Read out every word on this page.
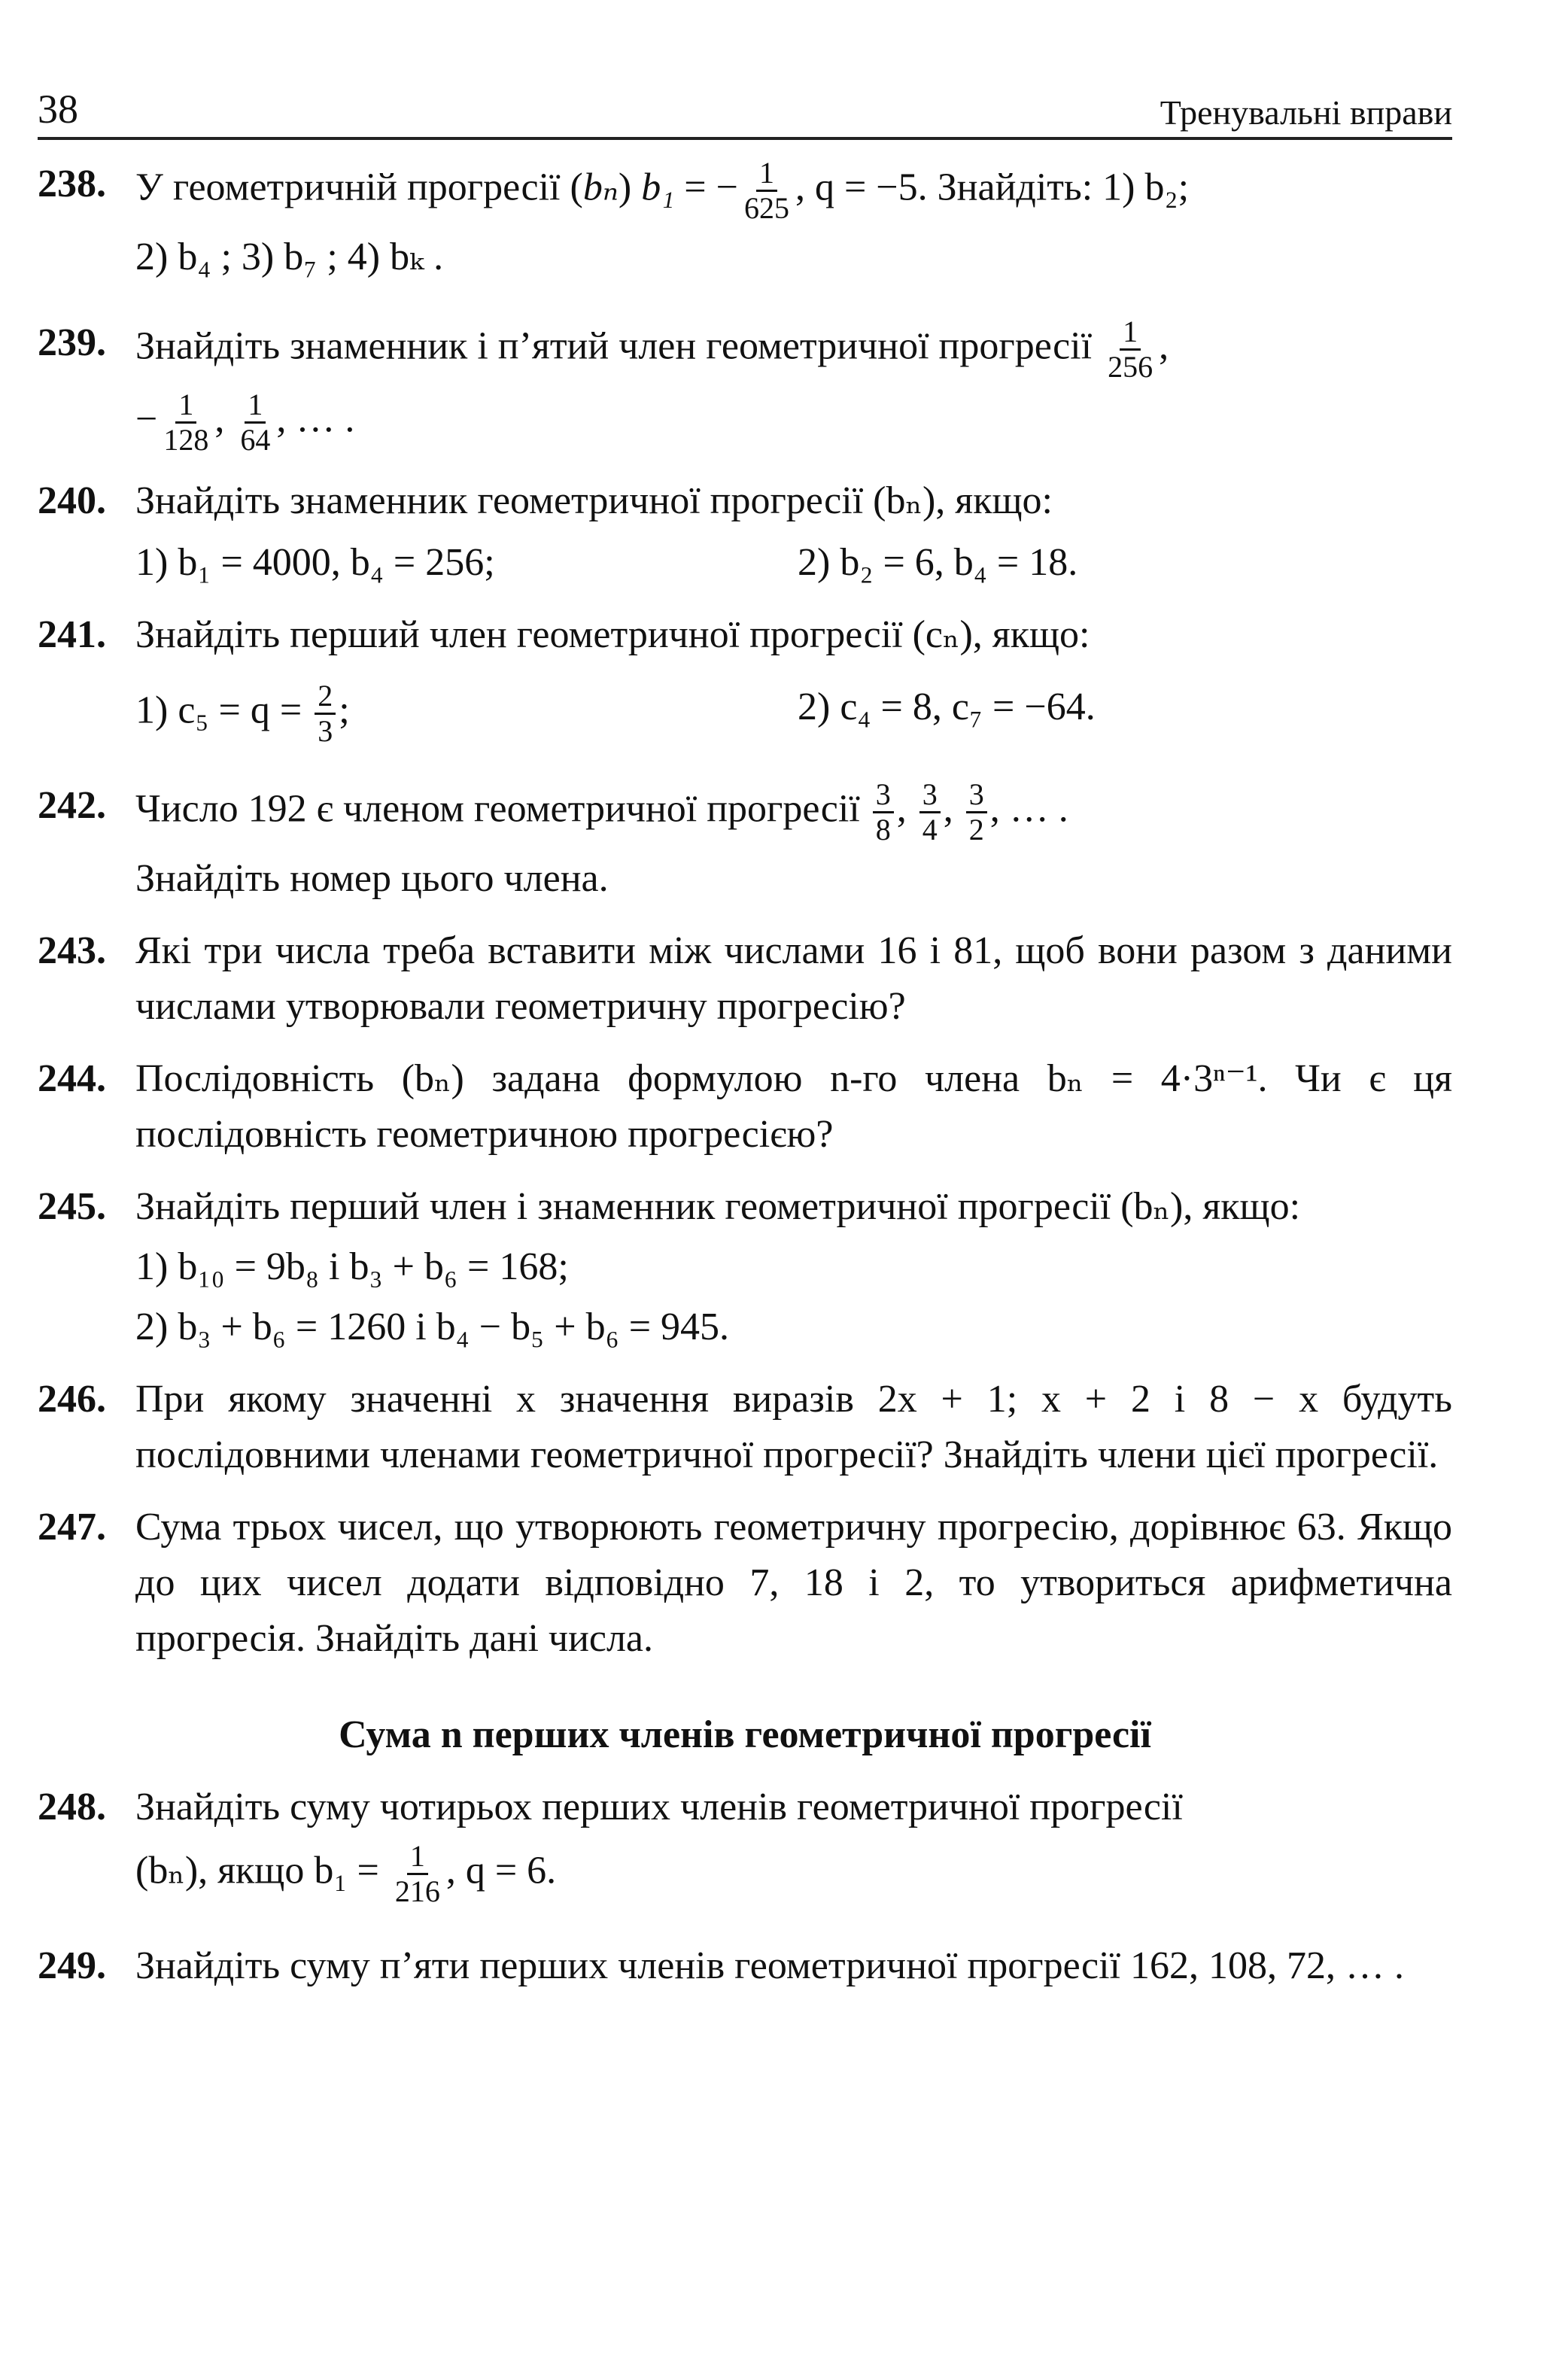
38	Тренувальні вправи
238. У геометричній прогресії (bₙ) b₁ = − $\frac{1}{625}$ , q = −5. Знайдіть: 1) b₂;
2) b₄ ; 3) b₇ ; 4) bₖ .
239. Знайдіть знаменник і п’ятий член геометричної прогресії $\frac{1}{256}$ ,
− $\frac{1}{128}$ , $\frac{1}{64}$ , … .
240. Знайдіть знаменник геометричної прогресії (bₙ), якщо:
1) b₁ = 4000, b₄ = 256;	2) b₂ = 6, b₄ = 18.
241. Знайдіть перший член геометричної прогресії (cₙ), якщо:
1) $c_5 = q = \frac{2}{3}$ ;	2) c₄ = 8, c₇ = −64.
242. Число 192 є членом геометричної прогресії $\frac{3}{8}$ , $\frac{3}{4}$ , $\frac{3}{2}$ , … .
Знайдіть номер цього члена.
243. Які три числа треба вставити між числами 16 і 81, щоб вони разом з даними числами утворювали геометричну прогресію?
244. Послідовність (bₙ) задана формулою n-го члена bₙ = 4·3ⁿ⁻¹. Чи є ця послідовність геометричною прогресією?
245. Знайдіть перший член і знаменник геометричної прогресії (bₙ), якщо:
1) b₁₀ = 9b₈ і b₃ + b₆ = 168;
2) b₃ + b₆ = 1260 і b₄ − b₅ + b₆ = 945.
246. При якому значенні x значення виразів 2x + 1; x + 2 і 8 − x будуть послідовними членами геометричної прогресії? Знайдіть члени цієї прогресії.
247. Сума трьох чисел, що утворюють геометричну прогресію, дорівнює 63. Якщо до цих чисел додати відповідно 7, 18 і 2, то утвориться арифметична прогресія. Знайдіть дані числа.
Сума n перших членів геометричної прогресії
248. Знайдіть суму чотирьох перших членів геометричної прогресії
(bₙ), якщо $b_1 = \frac{1}{216}$ , q = 6.
249. Знайдіть суму п’яти перших членів геометричної прогресії 162, 108, 72, … .
